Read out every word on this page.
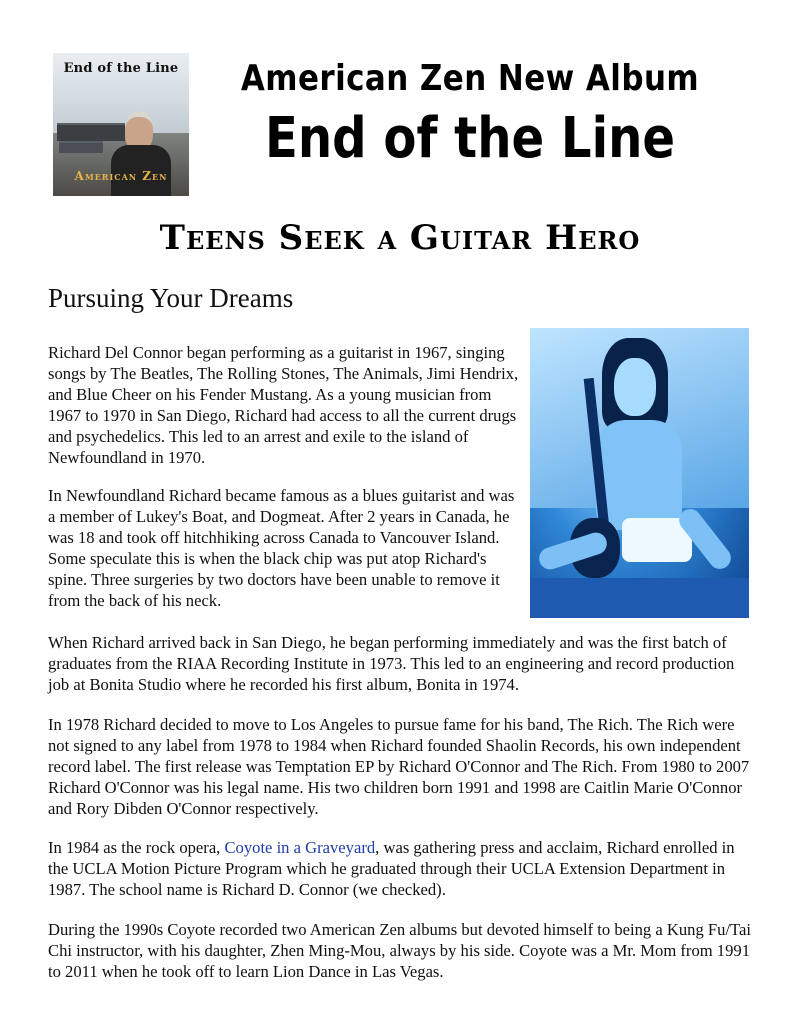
End of the Line
American Zen
American Zen New Album
End of the Line
Teens Seek a Guitar Hero
Pursuing Your Dreams

Richard Del Connor began performing as a guitarist in 1967, singing songs by The Beatles, The Rolling Stones, The Animals, Jimi Hendrix, and Blue Cheer on his Fender Mustang. As a young musician from 1967 to 1970 in San Diego, Richard had access to all the current drugs and psychedelics. This led to an arrest and exile to the island of Newfoundland in 1970.

In Newfoundland Richard became famous as a blues guitarist and was a member of Lukey's Boat, and Dogmeat. After 2 years in Canada, he was 18 and took off hitchhiking across Canada to Vancouver Island. Some speculate this is when the black chip was put atop Richard's spine. Three surgeries by two doctors have been unable to remove it from the back of his neck.

When Richard arrived back in San Diego, he began performing immediately and was the first batch of graduates from the RIAA Recording Institute in 1973. This led to an engineering and record production job at Bonita Studio where he recorded his first album, Bonita in 1974.

In 1978 Richard decided to move to Los Angeles to pursue fame for his band, The Rich. The Rich were not signed to any label from 1978 to 1984 when Richard founded Shaolin Records, his own independent record label. The first release was Temptation EP by Richard O'Connor and The Rich. From 1980 to 2007 Richard O'Connor was his legal name. His two children born 1991 and 1998 are Caitlin Marie O'Connor and Rory Dibden O'Connor respectively.

In 1984 as the rock opera, Coyote in a Graveyard, was gathering press and acclaim, Richard enrolled in the UCLA Motion Picture Program which he graduated through their UCLA Extension Department in 1987. The school name is Richard D. Connor (we checked).

During the 1990s Coyote recorded two American Zen albums but devoted himself to being a Kung Fu/Tai Chi instructor, with his daughter, Zhen Ming-Mou, always by his side. Coyote was a Mr. Mom from 1991 to 2011 when he took off to learn Lion Dance in Las Vegas.
